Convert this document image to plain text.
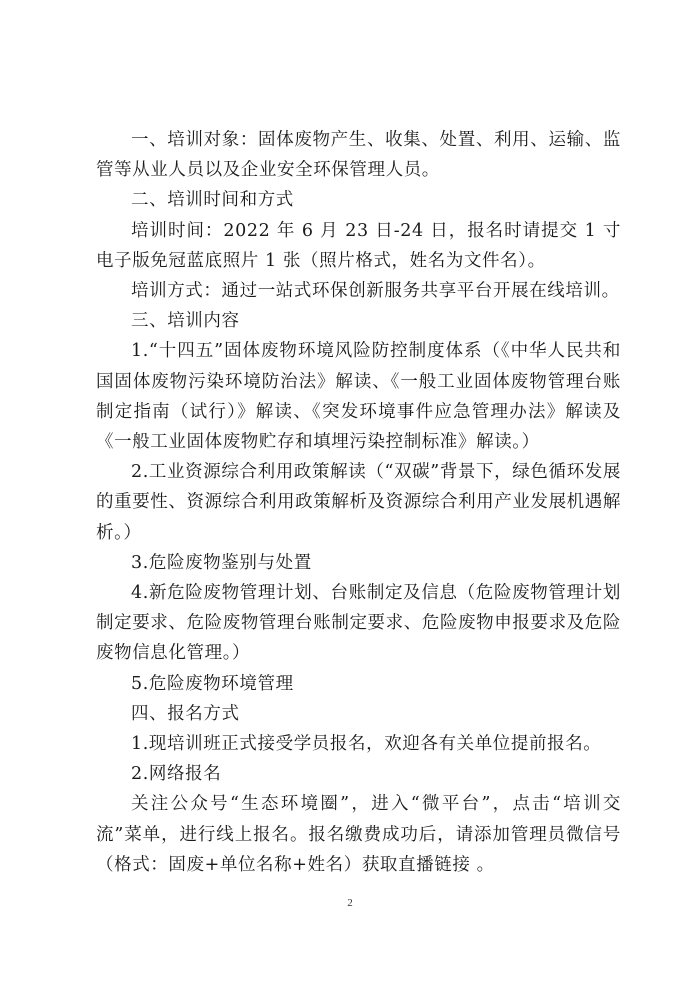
一、培训对象：固体废物产生、收集、处置、利用、运输、监管等从业人员以及企业安全环保管理人员。

二、培训时间和方式

培训时间：2022 年 6 月 23 日-24 日，报名时请提交 1 寸电子版免冠蓝底照片 1 张（照片格式，姓名为文件名）。

培训方式：通过一站式环保创新服务共享平台开展在线培训。

三、培训内容

1.“十四五”固体废物环境风险防控制度体系（《中华人民共和国固体废物污染环境防治法》解读、《一般工业固体废物管理台账制定指南（试行）》解读、《突发环境事件应急管理办法》解读及《一般工业固体废物贮存和填埋污染控制标准》解读。）

2.工业资源综合利用政策解读（“双碳”背景下，绿色循环发展的重要性、资源综合利用政策解析及资源综合利用产业发展机遇解析。）

3.危险废物鉴别与处置

4.新危险废物管理计划、台账制定及信息（危险废物管理计划制定要求、危险废物管理台账制定要求、危险废物申报要求及危险废物信息化管理。）

5.危险废物环境管理

四、报名方式

1.现培训班正式接受学员报名，欢迎各有关单位提前报名。

2.网络报名

关注公众号“生态环境圈”，进入“微平台”，点击“培训交流”菜单，进行线上报名。报名缴费成功后，请添加管理员微信号（格式：固废+单位名称+姓名）获取直播链接 。

2
